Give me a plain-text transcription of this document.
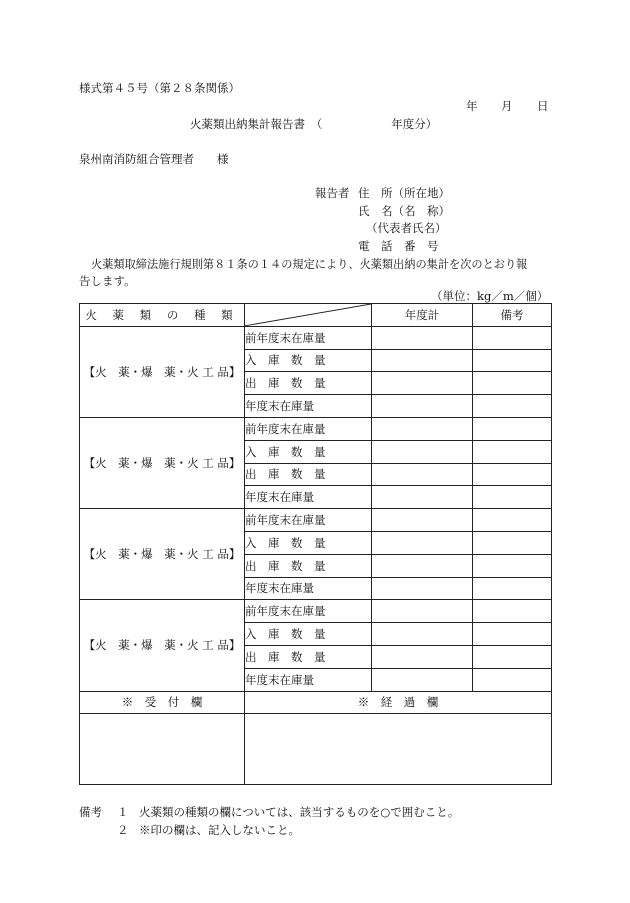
様式第４５号（第２８条関係）
年 月 日
火薬類出納集計報告書　（　　　　　　年度分）
泉州南消防組合管理者　　様
報告者 住　所（所在地）
氏　名（名　称）
（代表者氏名）
電　話　番　号
火薬類取締法施行規則第８１条の１４の規定により、火薬類出納の集計を次のとおり報
告します。
（単位：kg／m／個）
火 薬 類 の 種 類		年度計	備考
【火　薬・爆　薬・火 工 品】	前年度末在庫量		
	入　庫　数　量		
	出　庫　数　量		
	年度末在庫量		
【火　薬・爆　薬・火 工 品】	前年度末在庫量		
	入　庫　数　量		
	出　庫　数　量		
	年度末在庫量		
【火　薬・爆　薬・火 工 品】	前年度末在庫量		
	入　庫　数　量		
	出　庫　数　量		
	年度末在庫量		
【火　薬・爆　薬・火 工 品】	前年度末在庫量		
	入　庫　数　量		
	出　庫　数　量		
	年度末在庫量		
※　受　付　欄	※　経　過　欄		

備考 １ 火薬類の種類の欄については、該当するものを○で囲むこと。
２ ※印の欄は、記入しないこと。
